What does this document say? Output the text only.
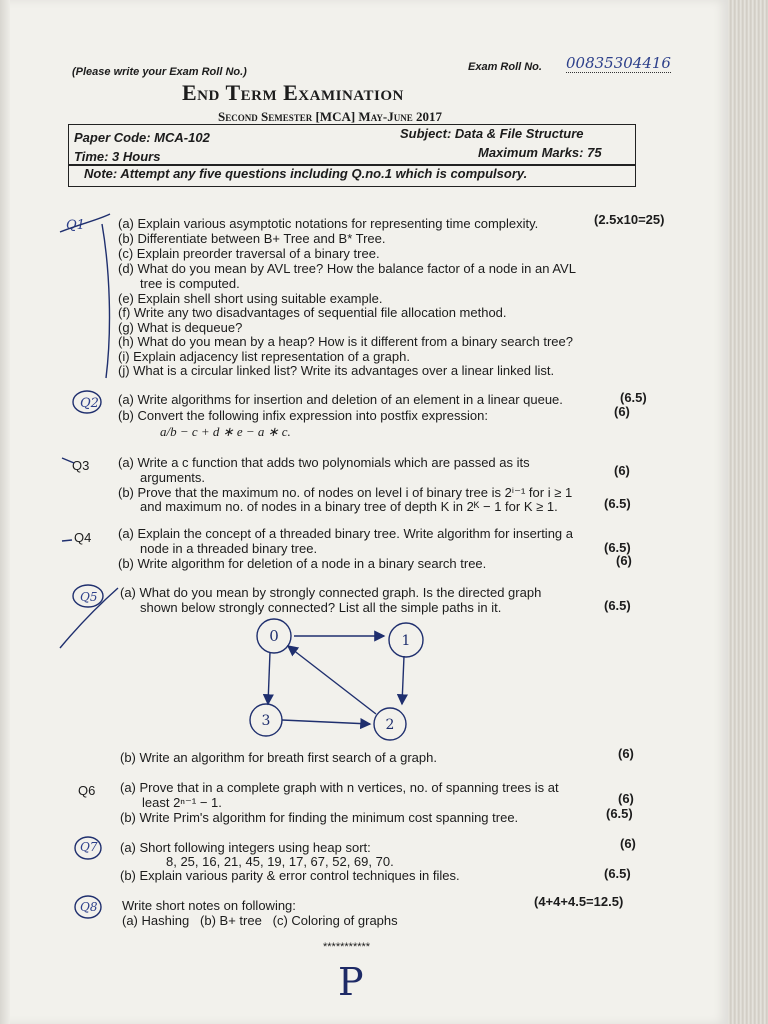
(Please write your Exam Roll No.)	Exam Roll No. 00835304416
End Term Examination
Second Semester [MCA] May-June 2017
Paper Code: MCA-102	Subject: Data & File Structure
Time: 3 Hours	Maximum Marks: 75
Note: Attempt any five questions including Q.no.1 which is compulsory.
Q1	(2.5x10=25)
(a) Explain various asymptotic notations for representing time complexity.
(b) Differentiate between B+ Tree and B* Tree.
(c) Explain preorder traversal of a binary tree.
(d) What do you mean by AVL tree? How the balance factor of a node in an AVL
tree is computed.
(e) Explain shell short using suitable example.
(f) Write any two disadvantages of sequential file allocation method.
(g) What is dequeue?
(h) What do you mean by a heap? How is it different from a binary search tree?
(i) Explain adjacency list representation of a graph.
(j) What is a circular linked list? Write its advantages over a linear linked list.
Q2 (a) Write algorithms for insertion and deletion of an element in a linear queue.	(6.5)
(b) Convert the following infix expression into postfix expression:	(6)
a/b − c + d ∗ e − a ∗ c.
Q3 (a) Write a c function that adds two polynomials which are passed as its
arguments.	(6)
(b) Prove that the maximum no. of nodes on level i of binary tree is 2ⁱ⁻¹ for i ≥ 1
and maximum no. of nodes in a binary tree of depth K in 2ᴷ − 1 for K ≥ 1.	(6.5)
Q4 (a) Explain the concept of a threaded binary tree. Write algorithm for inserting a
node in a threaded binary tree.	(6.5)
(b) Write algorithm for deletion of a node in a binary search tree.	(6)
Q5 (a) What do you mean by strongly connected graph. Is the directed graph
shown below strongly connected? List all the simple paths in it.	(6.5)
0	1
2
3
(b) Write an algorithm for breath first search of a graph.	(6)
Q6 (a) Prove that in a complete graph with n vertices, no. of spanning trees is at
least 2ⁿ⁻¹ − 1.	(6)
(b) Write Prim's algorithm for finding the minimum cost spanning tree.	(6.5)
Q7 (a) Short following integers using heap sort:	(6)
8, 25, 16, 21, 45, 19, 17, 67, 52, 69, 70.
(b) Explain various parity & error control techniques in files.	(6.5)
Q8 Write short notes on following:	(4+4+4.5=12.5)
(a) Hashing   (b) B+ tree   (c) Coloring of graphs
***********
P
